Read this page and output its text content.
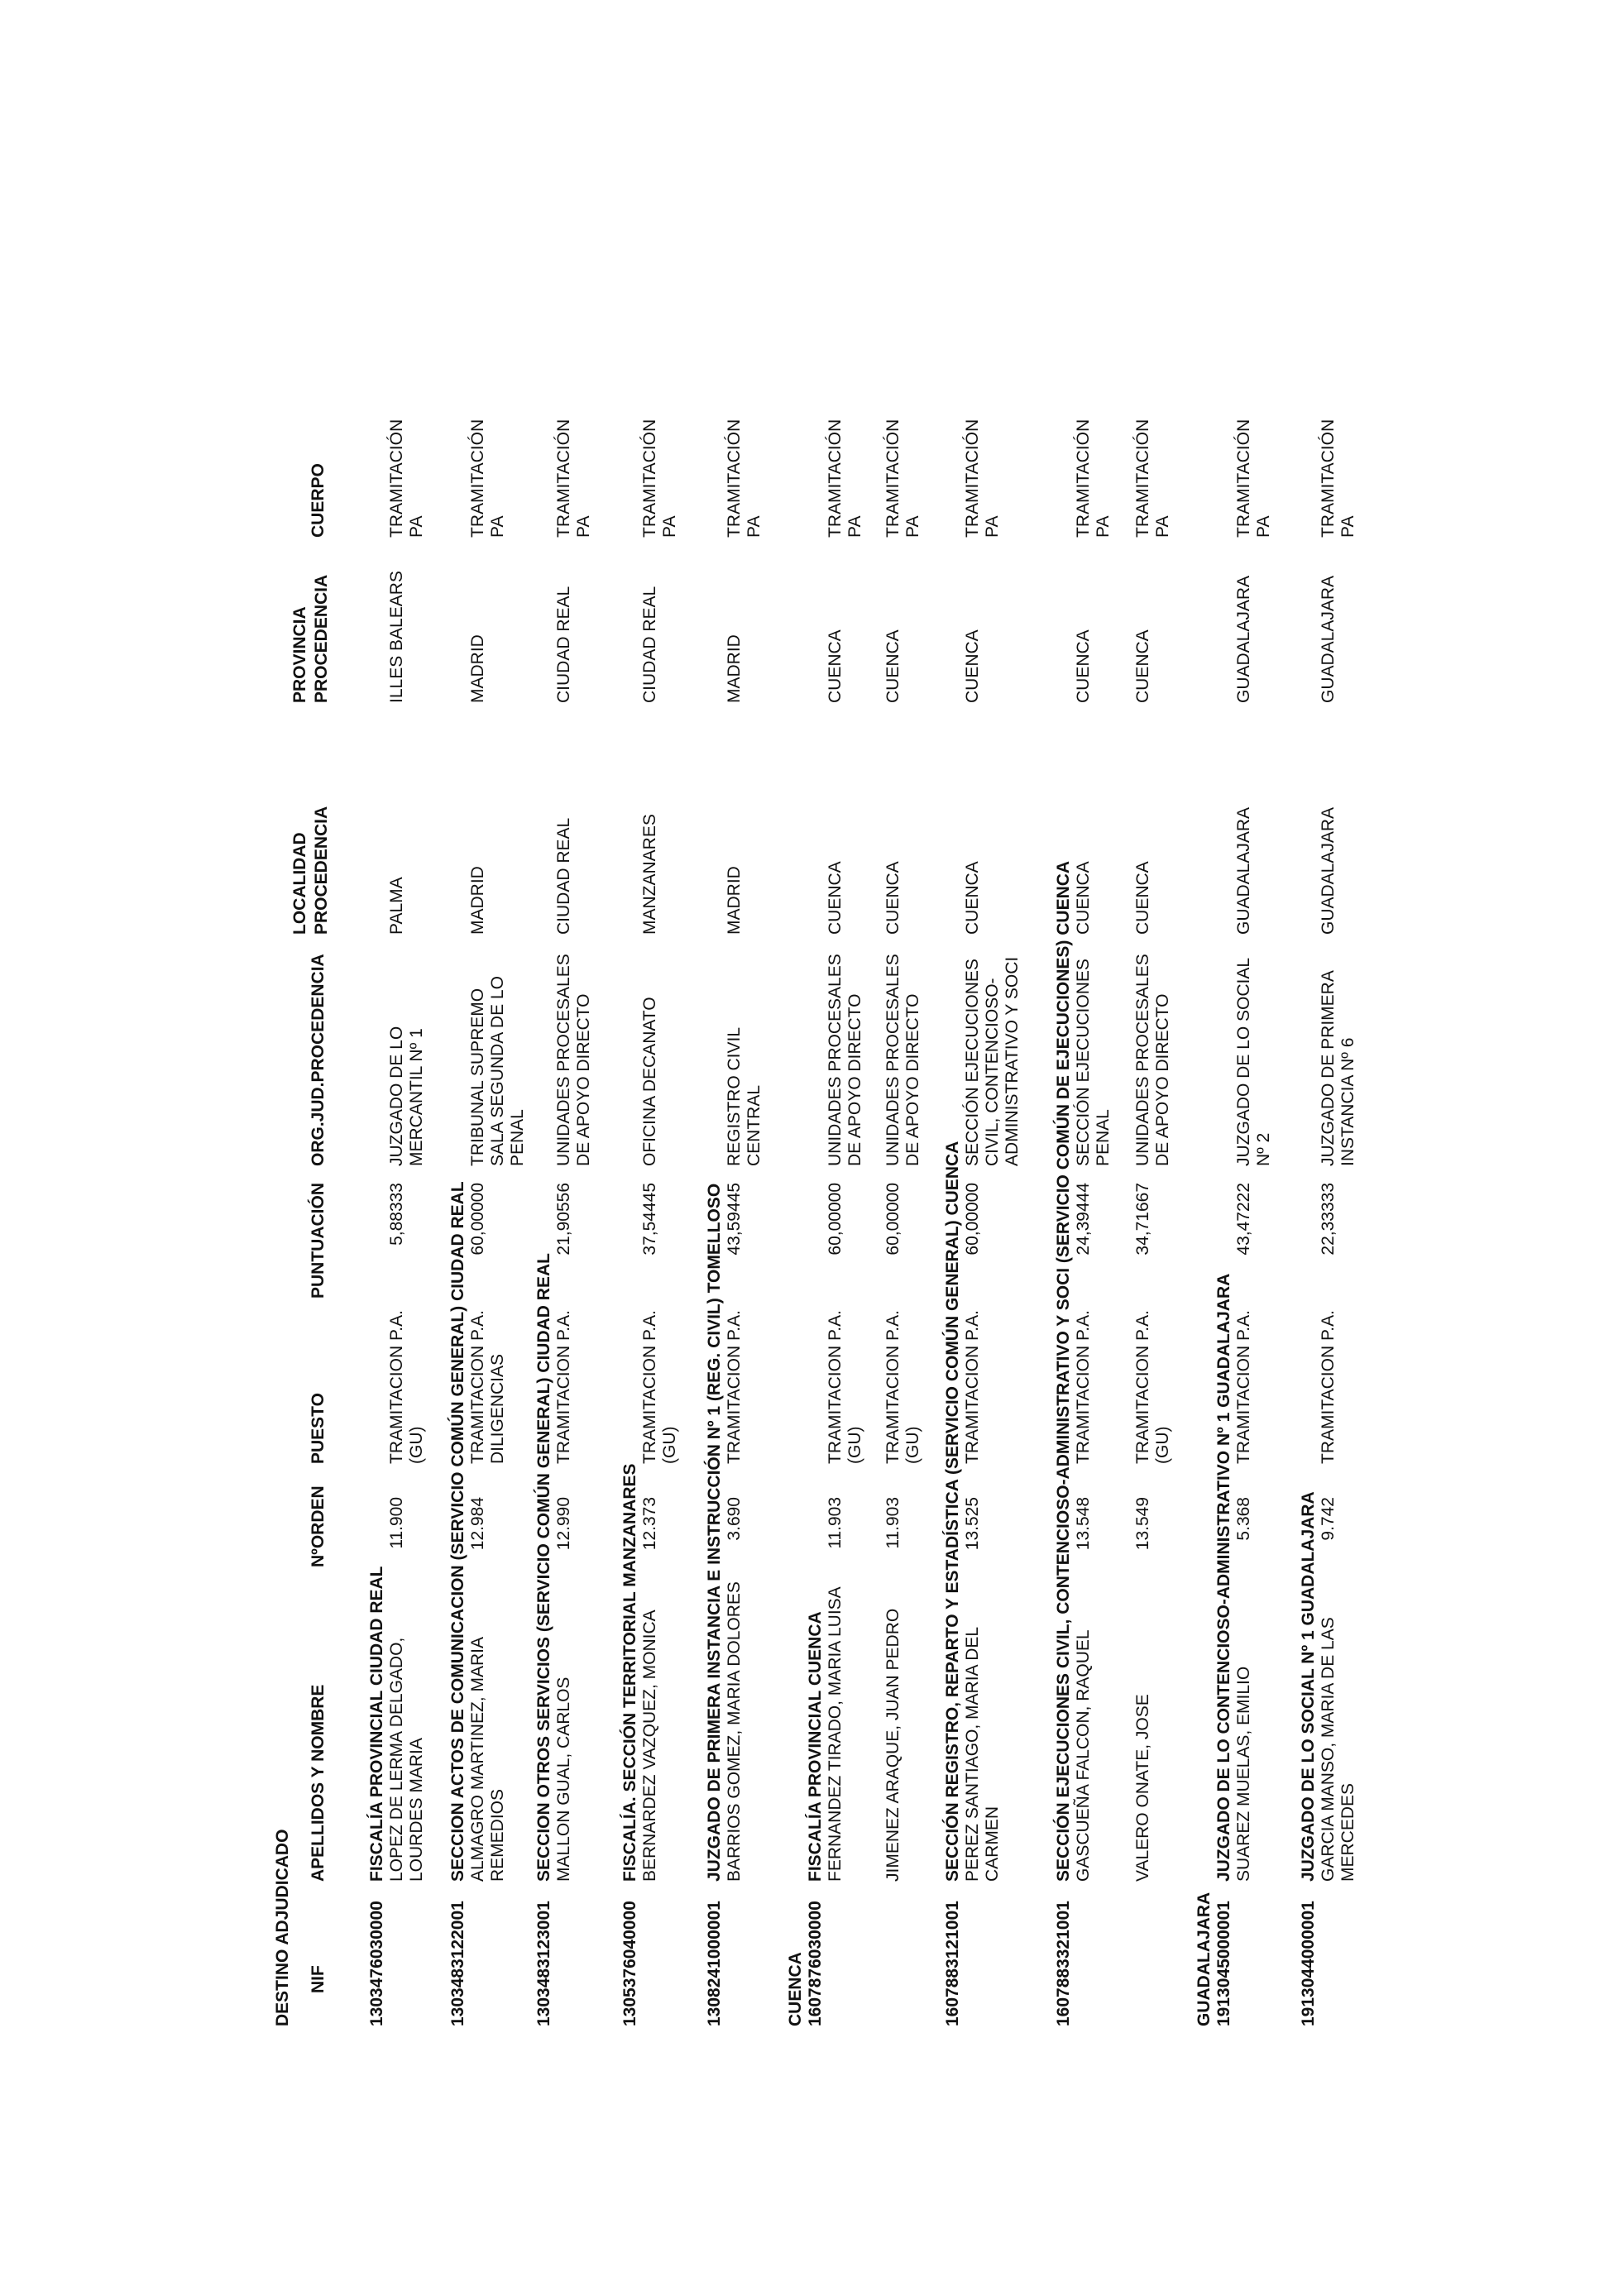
DESTINO ADJUDICADO NIF
APELLIDOS Y NOMBRE
NºORDEN
PUESTO
PUNTUACIÓN
ORG.JUD.PROCEDENCIA
LOCALIDAD PROCEDENCIA
PROVINCIA PROCEDENCIA
CUERPO
1303476030000
FISCALÍA PROVINCIAL CIUDAD REAL LOPEZ DE LERMA DELGADO, LOURDES MARIA
11.900
TRAMITACION P.A. (GU)
5,88333
JUZGADO DE LO MERCANTIL Nº 1
PALMA
ILLES BALEARS
TRAMITACIÓN PA
1303483122001
SECCION ACTOS DE COMUNICACION (SERVICIO COMÚN GENERAL) CIUDAD REAL ALMAGRO MARTINEZ, MARIA REMEDIOS
12.984
TRAMITACION P.A. DILIGENCIAS
60,00000
TRIBUNAL SUPREMO SALA SEGUNDA DE LO PENAL
MADRID
MADRID
TRAMITACIÓN PA
1303483123001
SECCION OTROS SERVICIOS (SERVICIO COMÚN GENERAL) CIUDAD REAL MALLON GUAL, CARLOS
12.990
TRAMITACION P.A.
21,90556
UNIDADES PROCESALES DE APOYO DIRECTO
CIUDAD REAL
CIUDAD REAL
TRAMITACIÓN PA
1305376040000
FISCALÍA. SECCIÓN TERRITORIAL MANZANARES BERNARDEZ VAZQUEZ, MONICA
12.373
TRAMITACION P.A. (GU)
37,54445
OFICINA DECANATO
MANZANARES
CIUDAD REAL
TRAMITACIÓN PA
1308241000001
JUZGADO DE PRIMERA INSTANCIA E INSTRUCCIÓN Nº 1 (REG. CIVIL) TOMELLOSO BARRIOS GOMEZ, MARIA DOLORES
3.690
TRAMITACION P.A.
43,59445
REGISTRO CIVIL CENTRAL
MADRID
MADRID
TRAMITACIÓN PA
CUENCA 1607876030000
FISCALÍA PROVINCIAL CUENCA FERNANDEZ TIRADO, MARIA LUISA
11.903
TRAMITACION P.A. (GU)
60,00000
UNIDADES PROCESALES DE APOYO DIRECTO
CUENCA
CUENCA
TRAMITACIÓN PA
JIMENEZ ARAQUE, JUAN PEDRO
11.903
TRAMITACION P.A. (GU)
60,00000
UNIDADES PROCESALES DE APOYO DIRECTO
CUENCA
CUENCA
TRAMITACIÓN PA
1607883121001
SECCIÓN REGISTRO, REPARTO Y ESTADÍSTICA (SERVICIO COMÚN GENERAL) CUENCA PEREZ SANTIAGO, MARIA DEL CARMEN
13.525
TRAMITACION P.A.
60,00000
SECCIÓN EJECUCIONES CIVIL, CONTENCIOSO-ADMINISTRATIVO Y SOCI
CUENCA
CUENCA
TRAMITACIÓN PA
1607883321001
SECCIÓN EJECUCIONES CIVIL, CONTENCIOSO-ADMINISTRATIVO Y SOCI (SERVICIO COMÚN DE EJECUCIONES) CUENCA GASCUEÑA FALCON, RAQUEL
13.548
TRAMITACION P.A.
24,39444
SECCIÓN EJECUCIONES PENAL
CUENCA
CUENCA
TRAMITACIÓN PA
VALERO ONATE, JOSE
13.549
TRAMITACION P.A. (GU)
34,71667
UNIDADES PROCESALES DE APOYO DIRECTO
CUENCA
CUENCA
TRAMITACIÓN PA
GUADALAJARA 1913045000001
JUZGADO DE LO CONTENCIOSO-ADMINISTRATIVO Nº 1 GUADALAJARA SUAREZ MUELAS, EMILIO
5.368
TRAMITACION P.A.
43,47222
JUZGADO DE LO SOCIAL Nº 2
GUADALAJARA
GUADALAJARA
TRAMITACIÓN PA
1913044000001
JUZGADO DE LO SOCIAL Nº 1 GUADALAJARA GARCIA MANSO, MARIA DE LAS MERCEDES
9.742
TRAMITACION P.A.
22,33333
JUZGADO DE PRIMERA INSTANCIA Nº 6
GUADALAJARA
GUADALAJARA
TRAMITACIÓN PA
